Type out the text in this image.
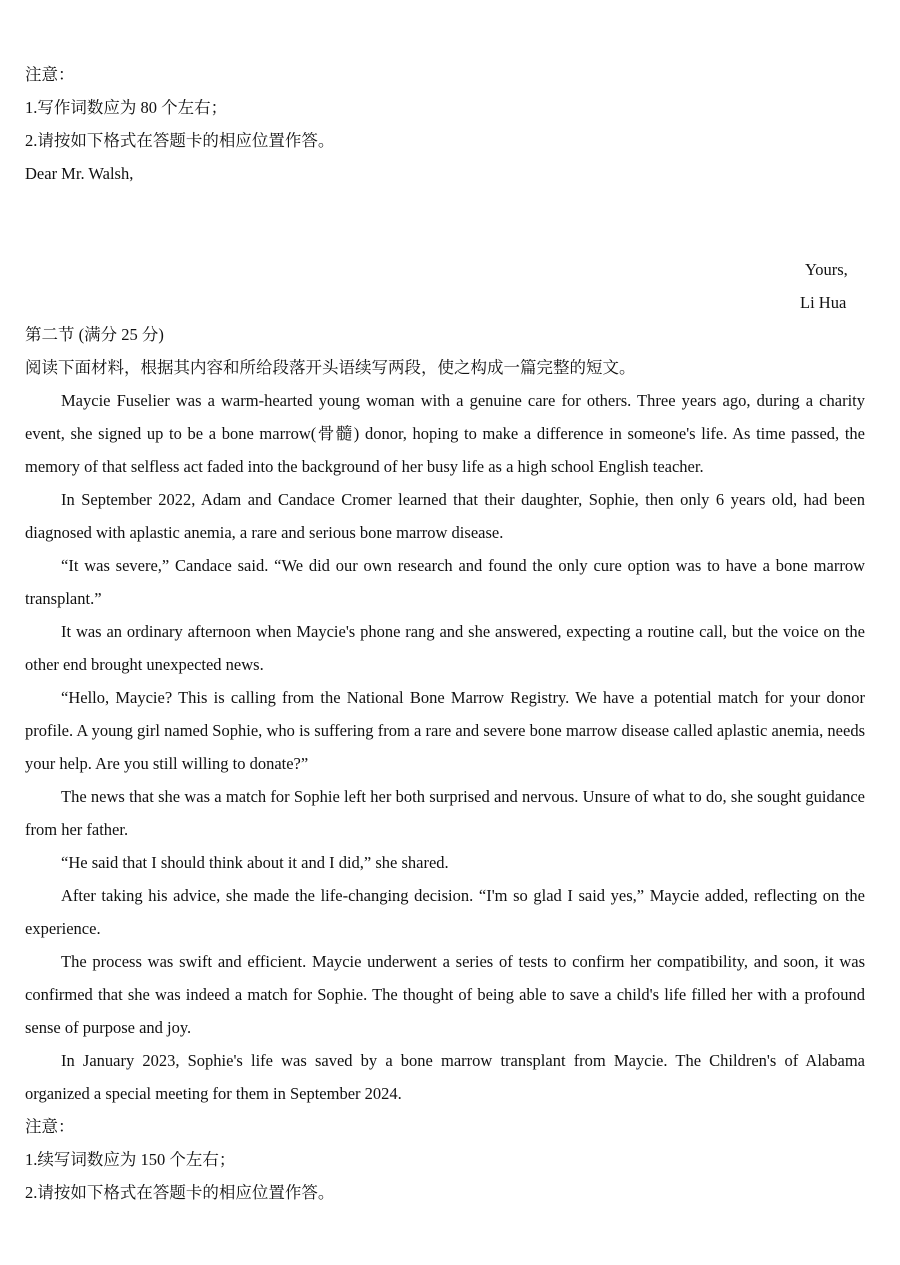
注意：
1.写作词数应为 80 个左右；
2.请按如下格式在答题卡的相应位置作答。
Dear Mr. Walsh,
Yours,
Li Hua
第二节 (满分 25 分)
阅读下面材料，根据其内容和所给段落开头语续写两段，使之构成一篇完整的短文。
Maycie Fuselier was a warm-hearted young woman with a genuine care for others. Three years ago, during a charity event, she signed up to be a bone marrow(骨髓) donor, hoping to make a difference in someone's life. As time passed, the memory of that selfless act faded into the background of her busy life as a high school English teacher.
In September 2022, Adam and Candace Cromer learned that their daughter, Sophie, then only 6 years old, had been diagnosed with aplastic anemia, a rare and serious bone marrow disease.
“It was severe,” Candace said. “We did our own research and found the only cure option was to have a bone marrow transplant.”
It was an ordinary afternoon when Maycie's phone rang and she answered, expecting a routine call, but the voice on the other end brought unexpected news.
“Hello, Maycie? This is calling from the National Bone Marrow Registry. We have a potential match for your donor profile. A young girl named Sophie, who is suffering from a rare and severe bone marrow disease called aplastic anemia, needs your help. Are you still willing to donate?”
The news that she was a match for Sophie left her both surprised and nervous. Unsure of what to do, she sought guidance from her father.
“He said that I should think about it and I did,” she shared.
After taking his advice, she made the life-changing decision. “I'm so glad I said yes,” Maycie added, reflecting on the experience.
The process was swift and efficient. Maycie underwent a series of tests to confirm her compatibility, and soon, it was confirmed that she was indeed a match for Sophie. The thought of being able to save a child's life filled her with a profound sense of purpose and joy.
In January 2023, Sophie's life was saved by a bone marrow transplant from Maycie. The Children's of Alabama organized a special meeting for them in September 2024.
注意：
1.续写词数应为 150 个左右；
2.请按如下格式在答题卡的相应位置作答。
